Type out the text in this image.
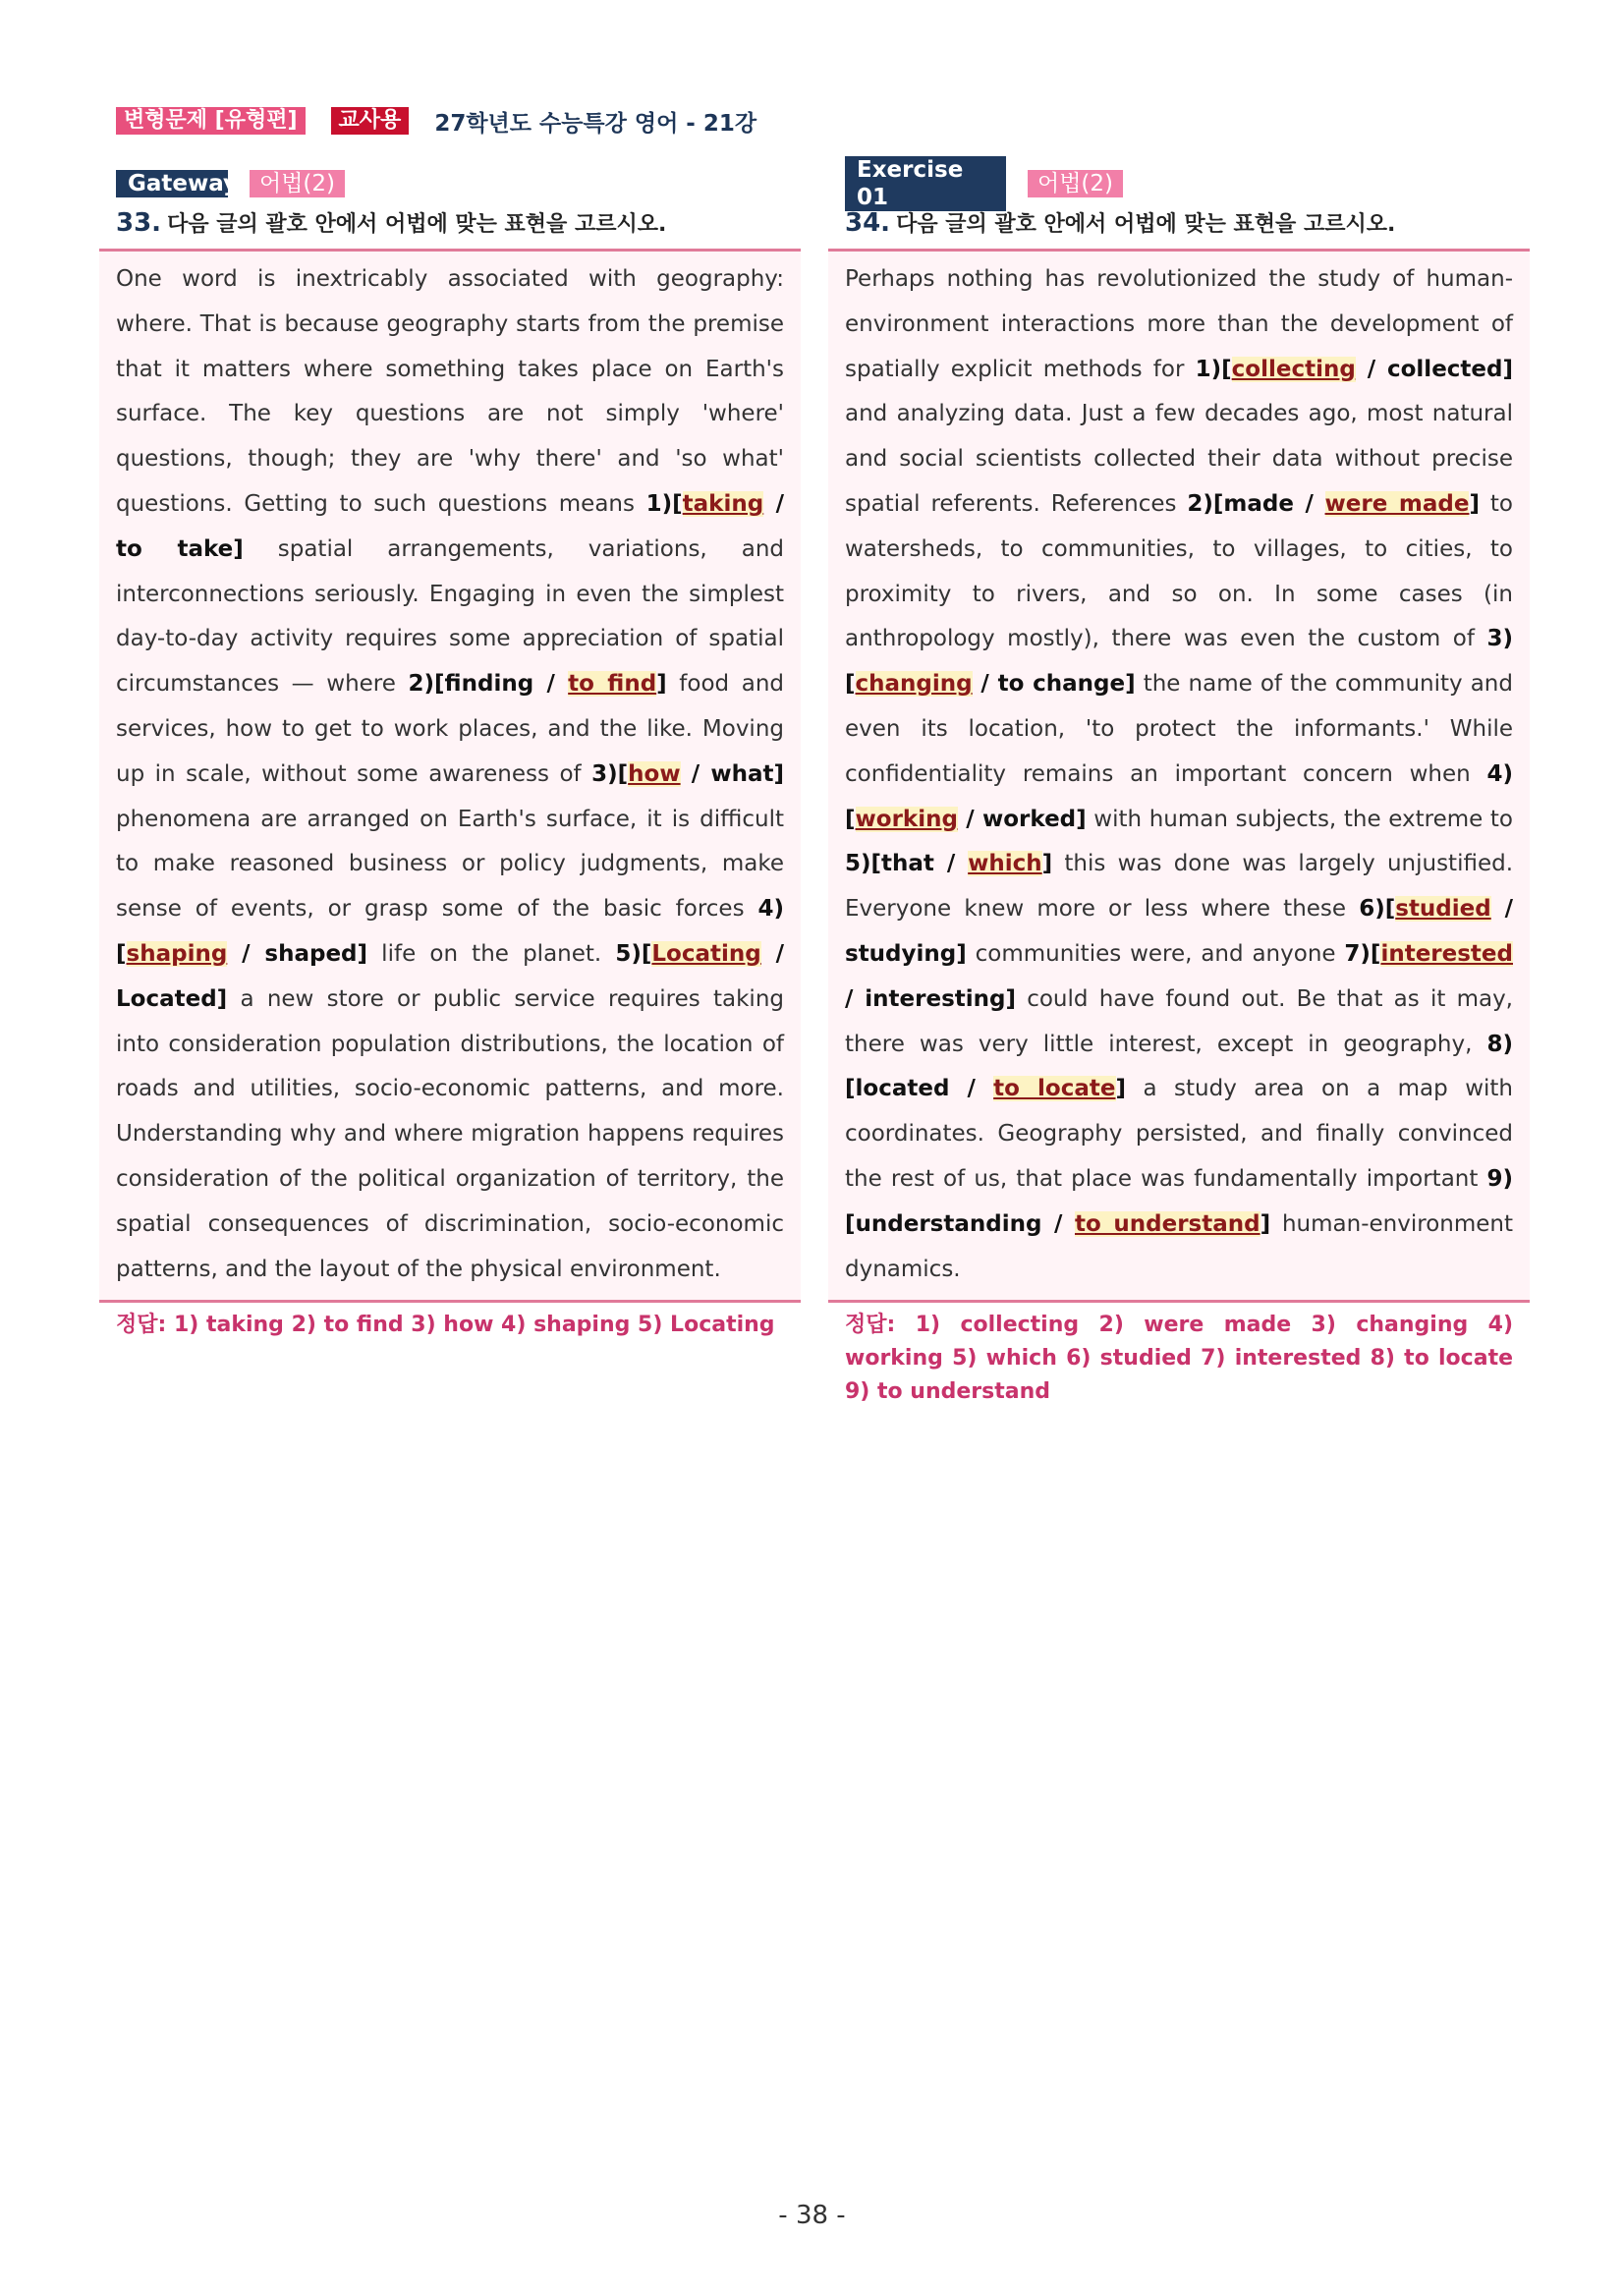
변형문제 [유형편]	교사용	27학년도 수능특강 영어 - 21강
Gateway 어법(2)
33. 다음 글의 괄호 안에서 어법에 맞는 표현을 고르시오.

One word is inextricably associated with geography: where. That is because geography starts from the premise that it matters where something takes place on Earth's surface. The key questions are not simply 'where' questions, though; they are 'why there' and 'so what' questions. Getting to such questions means 1)[taking / to take] spatial arrangements, variations, and interconnections seriously. Engaging in even the simplest day-to-day activity requires some appreciation of spatial circumstances — where 2)[finding / to find] food and services, how to get to work places, and the like. Moving up in scale, without some awareness of 3)[how / what] phenomena are arranged on Earth's surface, it is difficult to make reasoned business or policy judgments, make sense of events, or grasp some of the basic forces 4)[shaping / shaped] life on the planet. 5)[Locating / Located] a new store or public service requires taking into consideration population distributions, the location of roads and utilities, socio-economic patterns, and more. Understanding why and where migration happens requires consideration of the political organization of territory, the spatial consequences of discrimination, socio-economic patterns, and the layout of the physical environment.

정답: 1) taking 2) to find 3) how 4) shaping 5) Locating
Exercise 01
어법(2)
34. 다음 글의 괄호 안에서 어법에 맞는 표현을 고르시오.

Perhaps nothing has revolutionized the study of human-environment interactions more than the development of spatially explicit methods for 1)[collecting / collected] and analyzing data. Just a few decades ago, most natural and social scientists collected their data without precise spatial referents. References 2)[made / were made] to watersheds, to communities, to villages, to cities, to proximity to rivers, and so on. In some cases (in anthropology mostly), there was even the custom of 3)[changing / to change] the name of the community and even its location, 'to protect the informants.' While confidentiality remains an important concern when 4)[working / worked] with human subjects, the extreme to 5)[that / which] this was done was largely unjustified. Everyone knew more or less where these 6)[studied / studying] communities were, and anyone 7)[interested / interesting] could have found out. Be that as it may, there was very little interest, except in geography, 8)[located / to locate] a study area on a map with coordinates. Geography persisted, and finally convinced the rest of us, that place was fundamentally important 9)[understanding / to understand] human-environment dynamics.

정답: 1) collecting 2) were made 3) changing 4) working 5) which 6) studied 7) interested 8) to locate 9) to understand
- 38 -
